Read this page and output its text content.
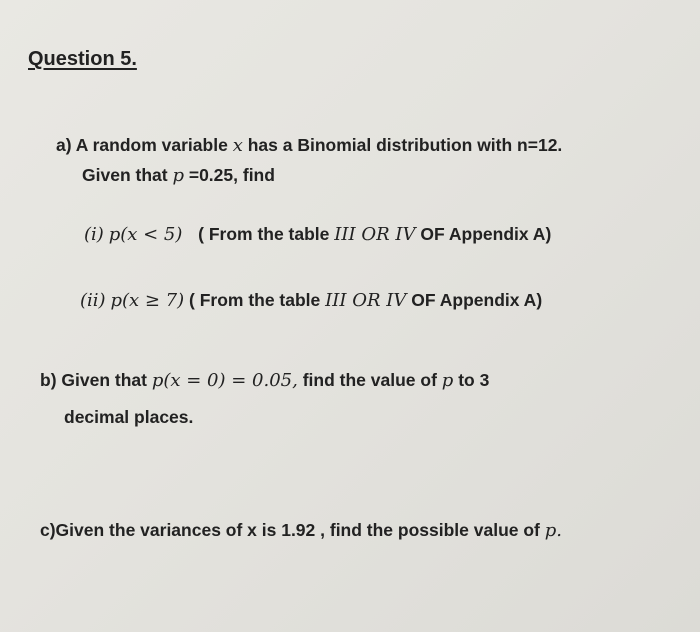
Question 5.
a) A random variable x has a Binomial distribution with n=12.
Given that p =0.25, find
(i) p(x < 5) ( From the table III OR IV OF Appendix A)
(ii) p(x ≥ 7) ( From the table III OR IV OF Appendix A)
b) Given that p(x = 0) = 0.05, find the value of p to 3
decimal places.
c)Given the variances of x is 1.92 , find the possible value of p.
